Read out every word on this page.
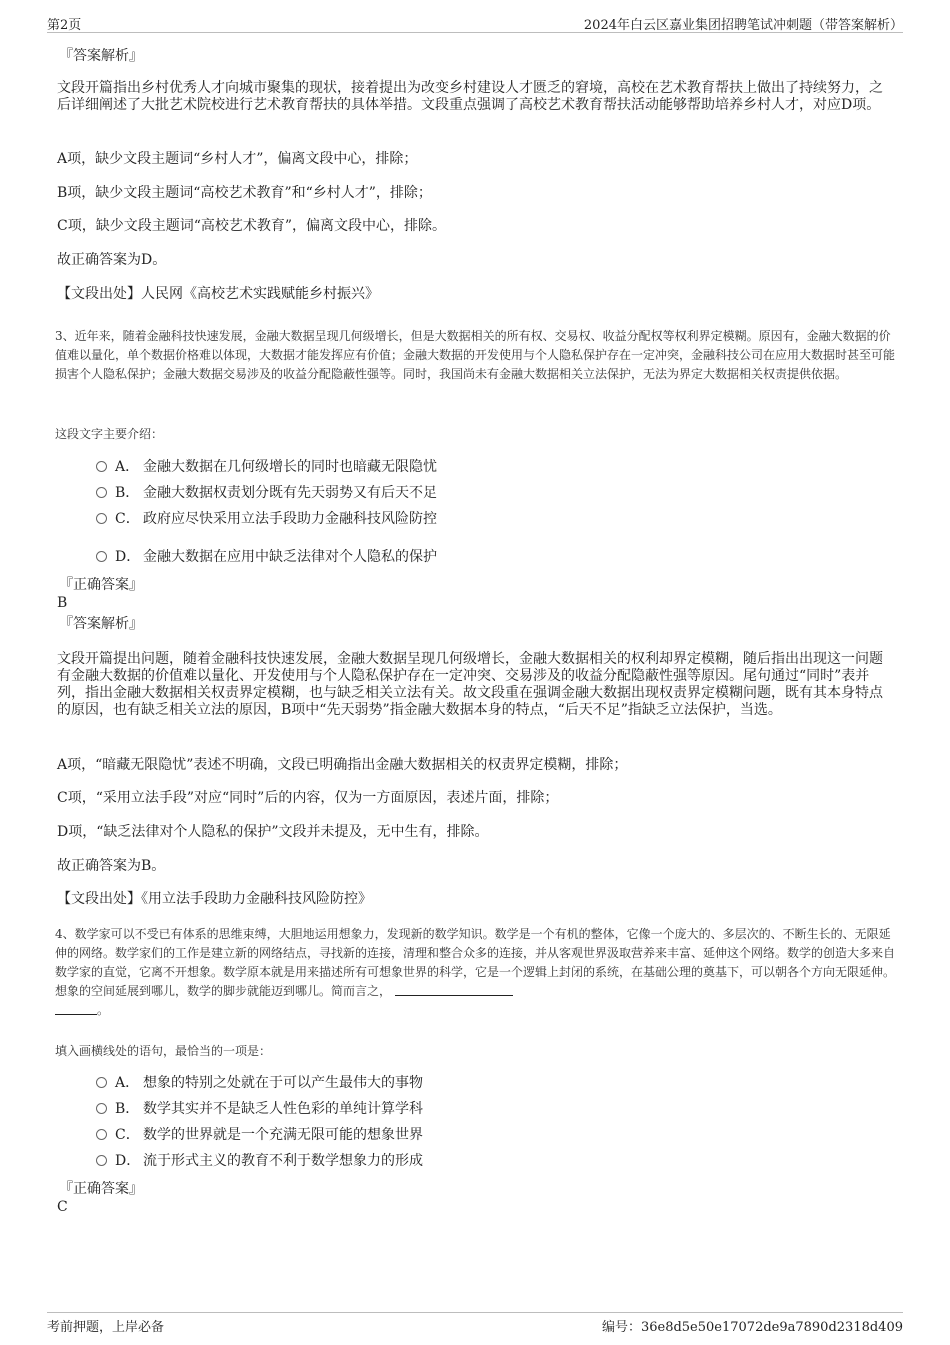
第2页	2024年白云区嘉业集团招聘笔试冲刺题（带答案解析）
『答案解析』
文段开篇指出乡村优秀人才向城市聚集的现状，接着提出为改变乡村建设人才匮乏的窘境，高校在艺术教育帮扶上做出了持续努力，之后详细阐述了大批艺术院校进行艺术教育帮扶的具体举措。文段重点强调了高校艺术教育帮扶活动能够帮助培养乡村人才，对应D项。
A项，缺少文段主题词“乡村人才”，偏离文段中心，排除；
B项，缺少文段主题词“高校艺术教育”和“乡村人才”，排除；
C项，缺少文段主题词“高校艺术教育”，偏离文段中心，排除。
故正确答案为D。
【文段出处】人民网《高校艺术实践赋能乡村振兴》
3、近年来，随着金融科技快速发展，金融大数据呈现几何级增长，但是大数据相关的所有权、交易权、收益分配权等权利界定模糊。原因有，金融大数据的价值难以量化，单个数据价格难以体现，大数据才能发挥应有价值；金融大数据的开发使用与个人隐私保护存在一定冲突，金融科技公司在应用大数据时甚至可能损害个人隐私保护；金融大数据交易涉及的收益分配隐蔽性强等。同时，我国尚未有金融大数据相关立法保护，无法为界定大数据相关权责提供依据。
这段文字主要介绍：
A． 金融大数据在几何级增长的同时也暗藏无限隐忧
B． 金融大数据权责划分既有先天弱势又有后天不足
C． 政府应尽快采用立法手段助力金融科技风险防控
D． 金融大数据在应用中缺乏法律对个人隐私的保护
『正确答案』
B
『答案解析』
文段开篇提出问题，随着金融科技快速发展，金融大数据呈现几何级增长，金融大数据相关的权利却界定模糊，随后指出出现这一问题有金融大数据的价值难以量化、开发使用与个人隐私保护存在一定冲突、交易涉及的收益分配隐蔽性强等原因。尾句通过“同时”表并列，指出金融大数据相关权责界定模糊，也与缺乏相关立法有关。故文段重在强调金融大数据出现权责界定模糊问题，既有其本身特点的原因，也有缺乏相关立法的原因，B项中“先天弱势”指金融大数据本身的特点，“后天不足”指缺乏立法保护，当选。
A项，“暗藏无限隐忧”表述不明确，文段已明确指出金融大数据相关的权责界定模糊，排除；
C项，“采用立法手段”对应“同时”后的内容，仅为一方面原因，表述片面，排除；
D项，“缺乏法律对个人隐私的保护”文段并未提及，无中生有，排除。
故正确答案为B。
【文段出处】《用立法手段助力金融科技风险防控》
4、数学家可以不受已有体系的思维束缚，大胆地运用想象力，发现新的数学知识。数学是一个有机的整体，它像一个庞大的、多层次的、不断生长的、无限延伸的网络。数学家们的工作是建立新的网络结点，寻找新的连接，清理和整合众多的连接，并从客观世界汲取营养来丰富、延伸这个网络。数学的创造大多来自数学家的直觉，它离不开想象。数学原本就是用来描述所有可想象世界的科学，它是一个逻辑上封闭的系统，在基础公理的奠基下，可以朝各个方向无限延伸。想象的空间延展到哪儿，数学的脚步就能迈到哪儿。简而言之，
。
填入画横线处的语句，最恰当的一项是：
A． 想象的特别之处就在于可以产生最伟大的事物
B． 数学其实并不是缺乏人性色彩的单纯计算学科
C． 数学的世界就是一个充满无限可能的想象世界
D． 流于形式主义的教育不利于数学想象力的形成
『正确答案』
C
考前押题，上岸必备	编号：36e8d5e50e17072de9a7890d2318d409
